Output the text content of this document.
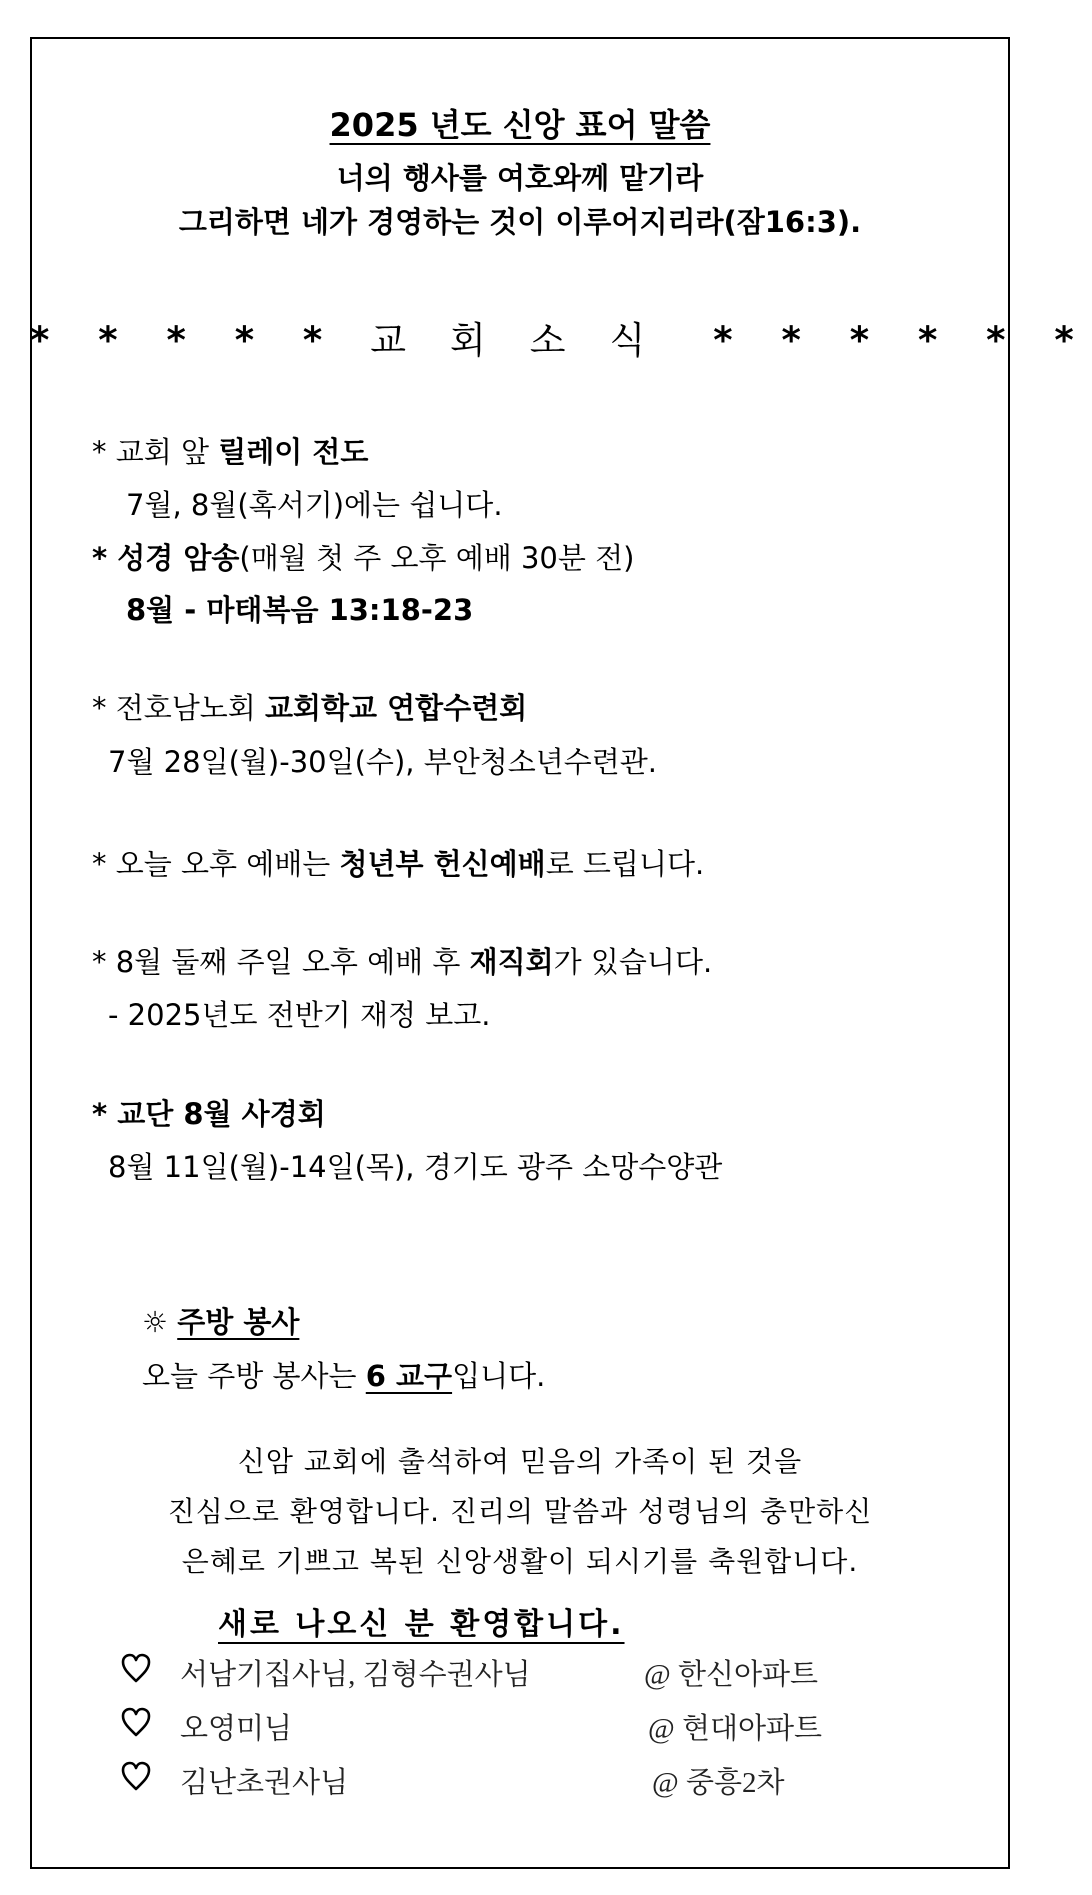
2025 년도 신앙 표어 말씀
너의 행사를 여호와께 맡기라
그리하면 네가 경영하는 것이 이루어지리라(잠16:3).
* * * * * 교회소식 * * * * * *
* 교회 앞 릴레이 전도
7월, 8월(혹서기)에는 쉽니다.
* 성경 암송(매월 첫 주 오후 예배 30분 전)
8월 - 마태복음 13:18-23
* 전호남노회 교회학교 연합수련회
7월 28일(월)-30일(수), 부안청소년수련관.
* 오늘 오후 예배는 청년부 헌신예배로 드립니다.
* 8월 둘째 주일 오후 예배 후 재직회가 있습니다.
- 2025년도 전반기 재정 보고.
* 교단 8월 사경회
8월 11일(월)-14일(목), 경기도 광주 소망수양관
☼ 주방 봉사
오늘 주방 봉사는 6 교구입니다.
신암 교회에 출석하여 믿음의 가족이 된 것을
진심으로 환영합니다. 진리의 말씀과 성령님의 충만하신
은혜로 기쁘고 복된 신앙생활이 되시기를 축원합니다.
새로 나오신 분 환영합니다.
서남기집사님, 김형수권사님	@ 한신아파트
오영미님	@ 현대아파트
김난초권사님	@ 중흥2차
